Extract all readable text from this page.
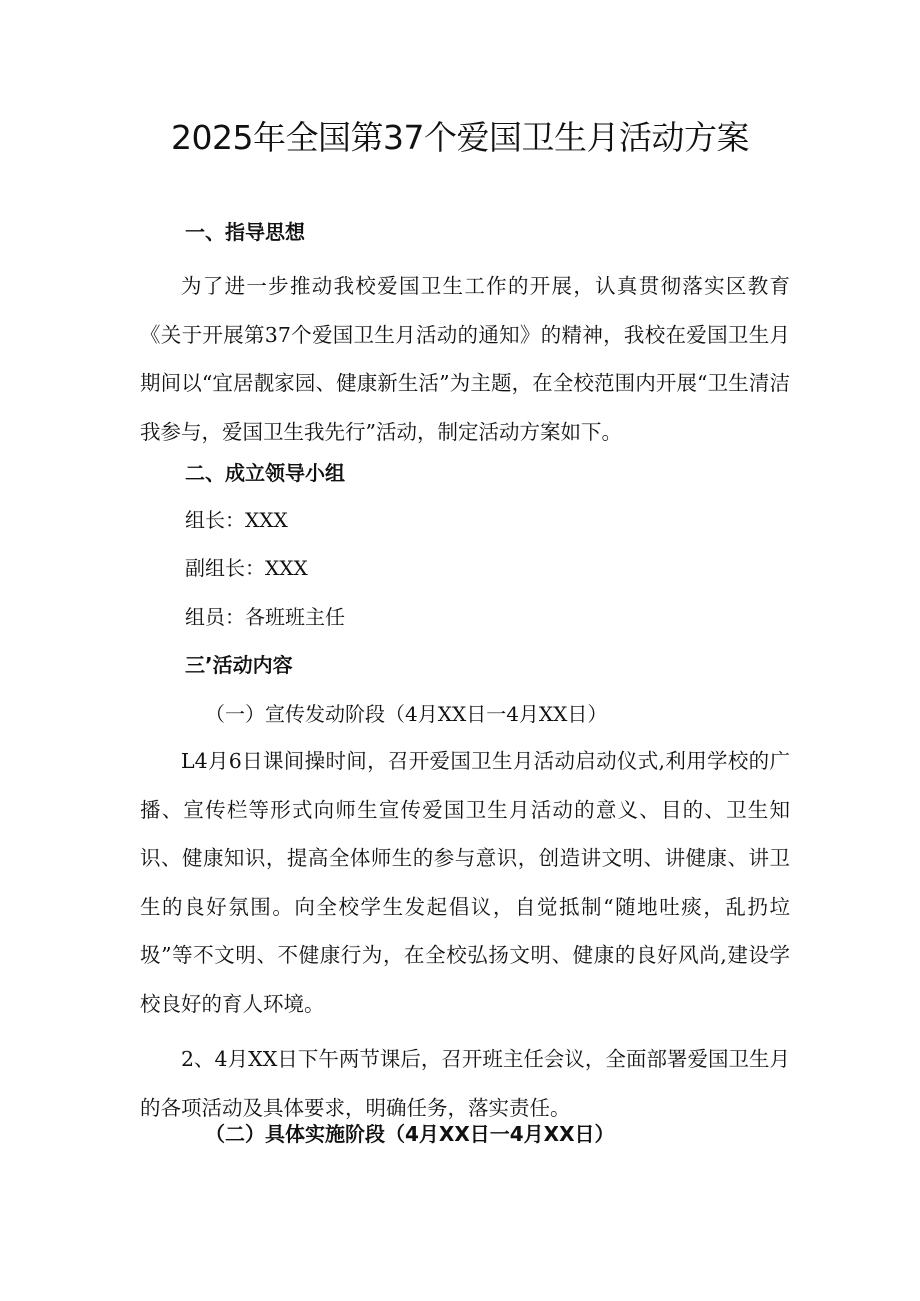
2025年全国第37个爱国卫生月活动方案
一、指导思想
为了进一步推动我校爱国卫生工作的开展，认真贯彻落实区教育《关于开展第37个爱国卫生月活动的通知》的精神，我校在爱国卫生月期间以“宜居靓家园、健康新生活”为主题，在全校范围内开展“卫生清洁我参与，爱国卫生我先行”活动，制定活动方案如下。
二、成立领导小组
组长：XXX
副组长：XXX
组员：各班班主任
三’活动内容
（一）宣传发动阶段（4月XX日一4月XX日）
L4月6日课间操时间，召开爱国卫生月活动启动仪式,利用学校的广播、宣传栏等形式向师生宣传爱国卫生月活动的意义、目的、卫生知识、健康知识，提高全体师生的参与意识，创造讲文明、讲健康、讲卫生的良好氛围。向全校学生发起倡议，自觉抵制“随地吐痰，乱扔垃圾”等不文明、不健康行为，在全校弘扬文明、健康的良好风尚,建设学校良好的育人环境。
2、4月XX日下午两节课后，召开班主任会议，全面部署爱国卫生月的各项活动及具体要求，明确任务，落实责任。
（二）具体实施阶段（4月XX日一4月XX日）
